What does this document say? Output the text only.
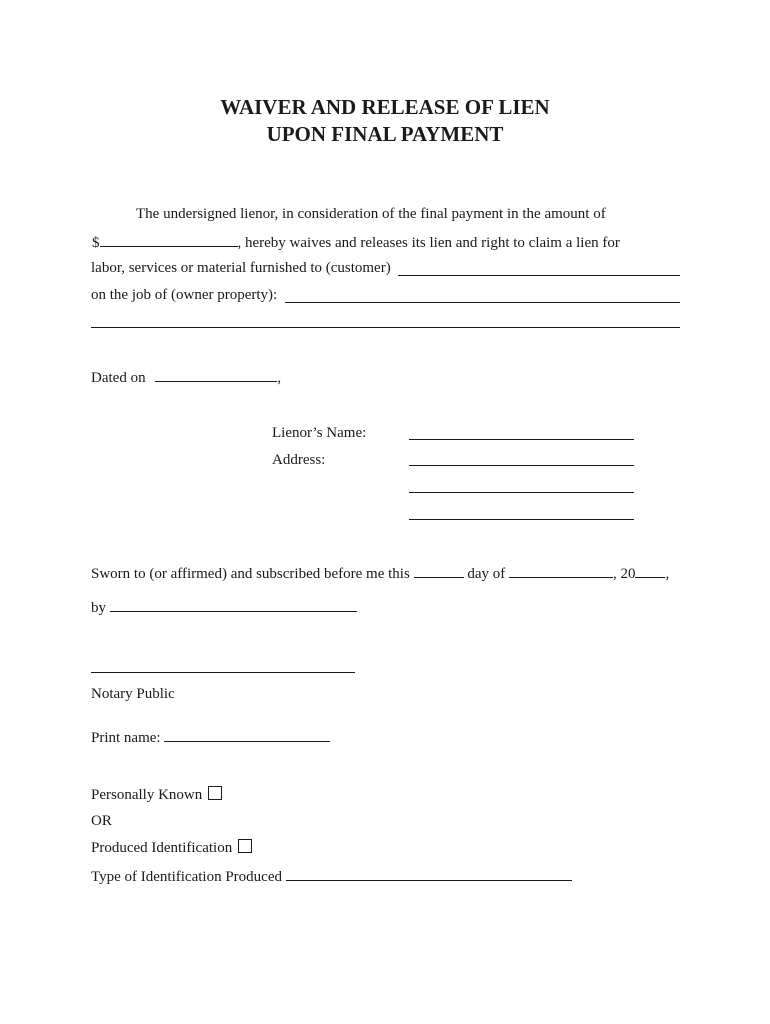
WAIVER AND RELEASE OF LIEN
UPON FINAL PAYMENT
The undersigned lienor, in consideration of the final payment in the amount of
$	, hereby waives and releases its lien and right to claim a lien for
labor, services or material furnished to (customer)
on the job of (owner property):
Dated on	,
Lienor’s Name:
Address:
Sworn to (or affirmed) and subscribed before me this	day of	, 20 ,
by
Notary Public
Print name:
Personally Known
OR
Produced Identification
Type of Identification Produced
